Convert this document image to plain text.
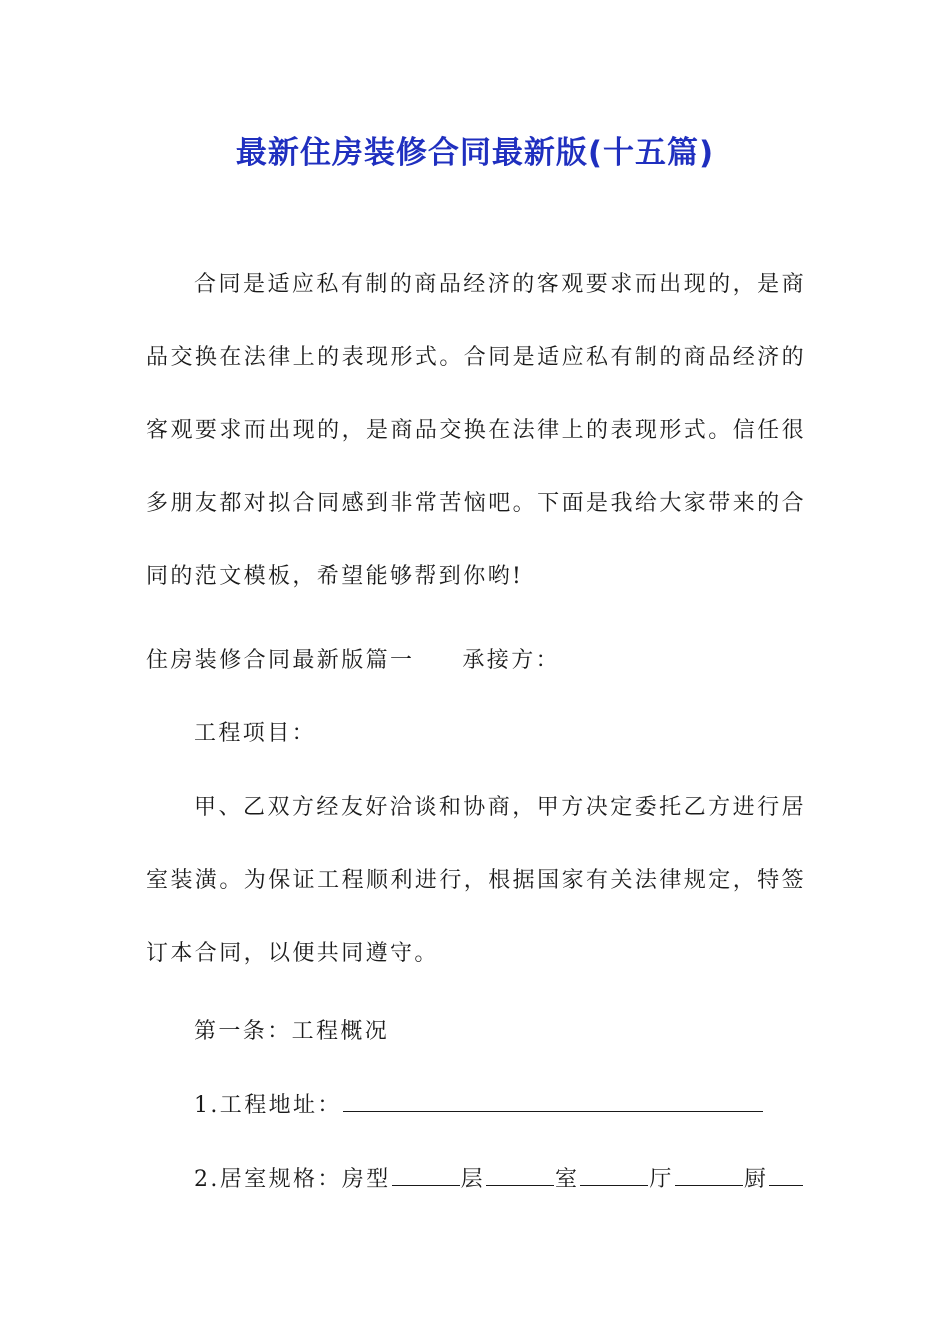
最新住房装修合同最新版(十五篇)

合同是适应私有制的商品经济的客观要求而出现的，是商品交换在法律上的表现形式。合同是适应私有制的商品经济的客观要求而出现的，是商品交换在法律上的表现形式。信任很多朋友都对拟合同感到非常苦恼吧。下面是我给大家带来的合同的范文模板，希望能够帮到你哟!

住房装修合同最新版篇一 承接方：
工程项目：

甲、乙双方经友好洽谈和协商，甲方决定委托乙方进行居室装潢。为保证工程顺利进行，根据国家有关法律规定，特签订本合同，以便共同遵守。

第一条：工程概况
1.工程地址：
2.居室规格：房型	层	室	厅	厨
